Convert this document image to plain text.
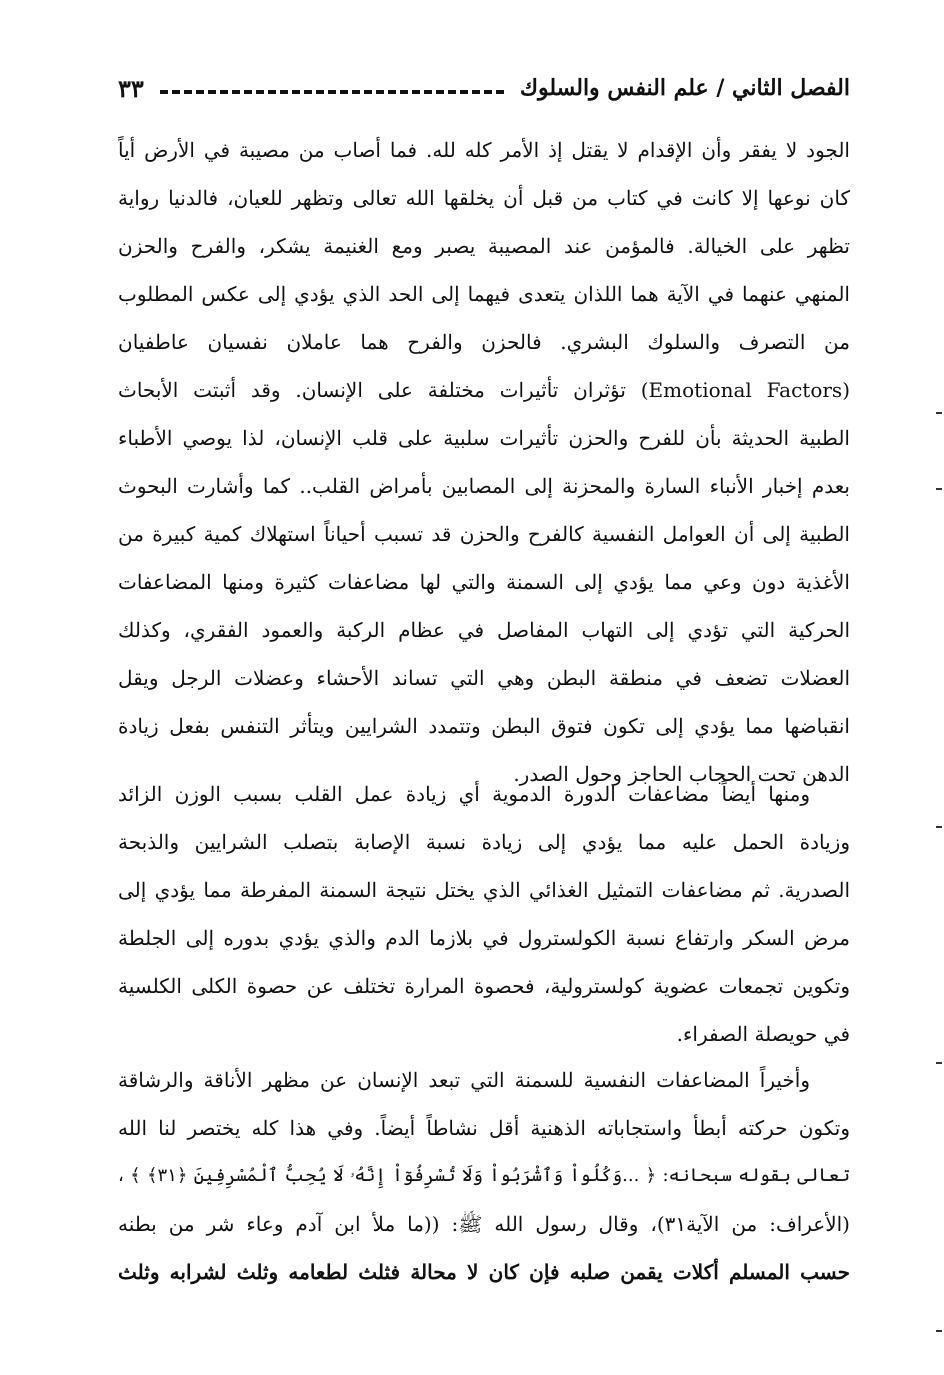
الفصل الثاني / علم النفس والسلوك
٣٣
الجود لا يفقر وأن الإقدام لا يقتل إذ الأمر كله لله. فما أصاب من مصيبة في الأرض أياً
كان نوعها إلا كانت في كتاب من قبل أن يخلقها الله تعالى وتظهر للعيان، فالدنيا رواية
تظهر على الخيالة. فالمؤمن عند المصيبة يصبر ومع الغنيمة يشكر، والفرح والحزن
المنهي عنهما في الآية هما اللذان يتعدى فيهما إلى الحد الذي يؤدي إلى عكس المطلوب
من التصرف والسلوك البشري. فالحزن والفرح هما عاملان نفسيان عاطفيان
(Emotional Factors) تؤثران تأثيرات مختلفة على الإنسان. وقد أثبتت الأبحاث
الطبية الحديثة بأن للفرح والحزن تأثيرات سلبية على قلب الإنسان، لذا يوصي الأطباء
بعدم إخبار الأنباء السارة والمحزنة إلى المصابين بأمراض القلب.. كما وأشارت البحوث
الطبية إلى أن العوامل النفسية كالفرح والحزن قد تسبب أحياناً استهلاك كمية كبيرة من
الأغذية دون وعي مما يؤدي إلى السمنة والتي لها مضاعفات كثيرة ومنها المضاعفات
الحركية التي تؤدي إلى التهاب المفاصل في عظام الركبة والعمود الفقري، وكذلك
العضلات تضعف في منطقة البطن وهي التي تساند الأحشاء وعضلات الرجل ويقل
انقباضها مما يؤدي إلى تكون فتوق البطن وتتمدد الشرايين ويتأثر التنفس بفعل زيادة
الدهن تحت الحجاب الحاجز وحول الصدر.
ومنها أيضاً مضاعفات الدورة الدموية أي زيادة عمل القلب بسبب الوزن الزائد
وزيادة الحمل عليه مما يؤدي إلى زيادة نسبة الإصابة بتصلب الشرايين والذبحة
الصدرية. ثم مضاعفات التمثيل الغذائي الذي يختل نتيجة السمنة المفرطة مما يؤدي إلى
مرض السكر وارتفاع نسبة الكولسترول في بلازما الدم والذي يؤدي بدوره إلى الجلطة
وتكوين تجمعات عضوية كولسترولية، فحصوة المرارة تختلف عن حصوة الكلى الكلسية
في حويصلة الصفراء.
وأخيراً المضاعفات النفسية للسمنة التي تبعد الإنسان عن مظهر الأناقة والرشاقة
وتكون حركته أبطأ واستجاباته الذهنية أقل نشاطاً أيضاً. وفي هذا كله يختصر لنا الله
تعالى بقوله سبحانه: ﴿ ...وَكُلُواْ وَٱشْرَبُواْ وَلَا تُسْرِفُوٓاْ إِنَّهُۥ لَا يُحِبُّ ٱلْمُسْرِفِينَ ﴿٣١﴾ ﴾ ،
(الأعراف: من الآية٣١)، وقال رسول الله ﷺ: ((ما ملأ ابن آدم وعاء شر من بطنه
حسب المسلم أكلات يقمن صلبه فإن كان لا محالة فثلث لطعامه وثلث لشرابه وثلث
